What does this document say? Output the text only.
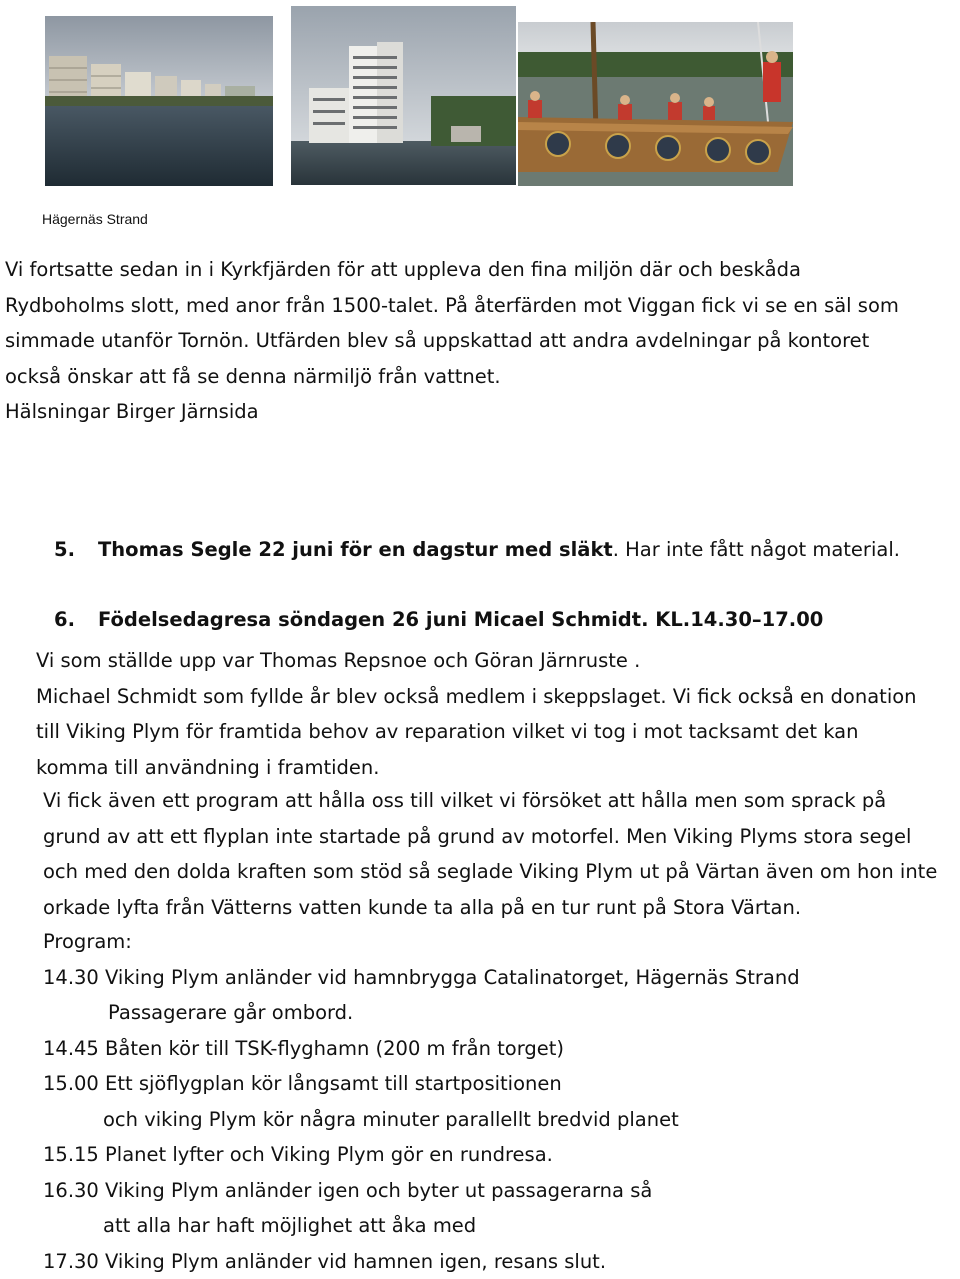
Hägernäs Strand
Vi fortsatte sedan in i Kyrkfjärden för att uppleva den fina miljön där och beskåda
Rydboholms slott, med anor från 1500-talet. På återfärden mot Viggan fick vi se en säl som
simmade utanför Tornön. Utfärden blev så uppskattad att andra avdelningar på kontoret
också önskar att få se denna närmiljö från vattnet.
Hälsningar Birger Järnsida
5. Thomas Segle 22 juni för en dagstur med släkt. Har inte fått något material.
6. Födelsedagresa söndagen 26 juni Micael Schmidt. KL.14.30–17.00
Vi som ställde upp var Thomas Repsnoe och Göran Järnruste .
Michael Schmidt som fyllde år blev också medlem i skeppslaget. Vi fick också en donation
till Viking Plym för framtida behov av reparation vilket vi tog i mot tacksamt det kan
komma till användning i framtiden.
Vi fick även ett program att hålla oss till vilket vi försöket att hålla men som sprack på
grund av att ett flyplan inte startade på grund av motorfel. Men Viking Plyms stora segel
och med den dolda kraften som stöd så seglade Viking Plym ut på Värtan även om hon inte
orkade lyfta från Vätterns vatten kunde ta alla på en tur runt på Stora Värtan.
Program:
14.30 Viking Plym anländer vid hamnbrygga Catalinatorget, Hägernäs Strand
Passagerare går ombord.
14.45 Båten kör till TSK-flyghamn (200 m från torget)
15.00 Ett sjöflygplan kör långsamt till startpositionen
och viking Plym kör några minuter parallellt bredvid planet
15.15 Planet lyfter och Viking Plym gör en rundresa.
16.30 Viking Plym anländer igen och byter ut passagerarna så
att alla har haft möjlighet att åka med
17.30 Viking Plym anländer vid hamnen igen, resans slut.
